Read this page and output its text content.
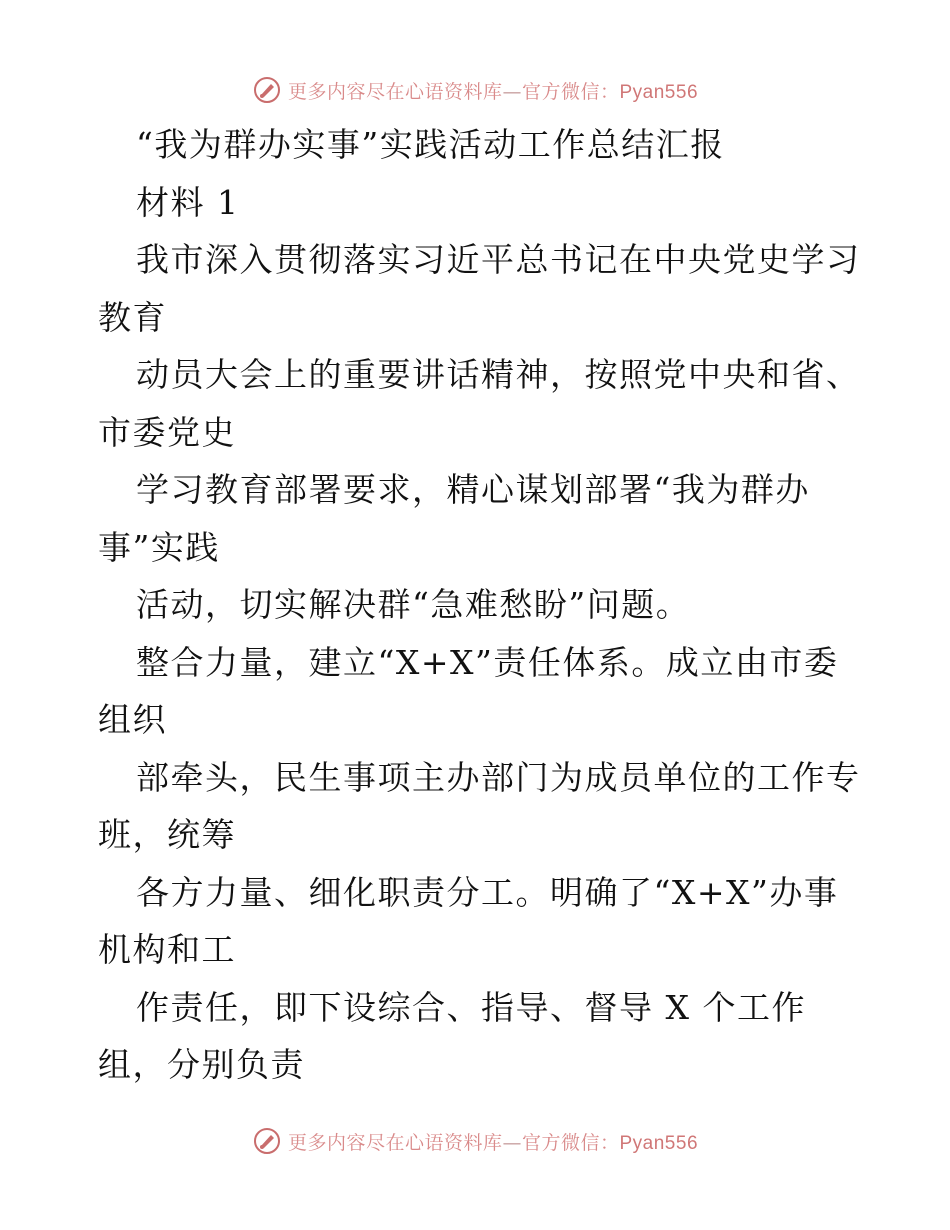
更多内容尽在心语资料库—官方微信：Pyan556
“我为群办实事”实践活动工作总结汇报
材料 1
我市深入贯彻落实习近平总书记在中央党史学习
教育
动员大会上的重要讲话精神，按照党中央和省、
市委党史
学习教育部署要求，精心谋划部署“我为群办
事”实践
活动，切实解决群“急难愁盼”问题。
整合力量，建立“X+X”责任体系。成立由市委
组织
部牵头，民生事项主办部门为成员单位的工作专
班，统筹
各方力量、细化职责分工。明确了“X+X”办事
机构和工
作责任，即下设综合、指导、督导 X 个工作
组，分别负责
更多内容尽在心语资料库—官方微信：Pyan556
